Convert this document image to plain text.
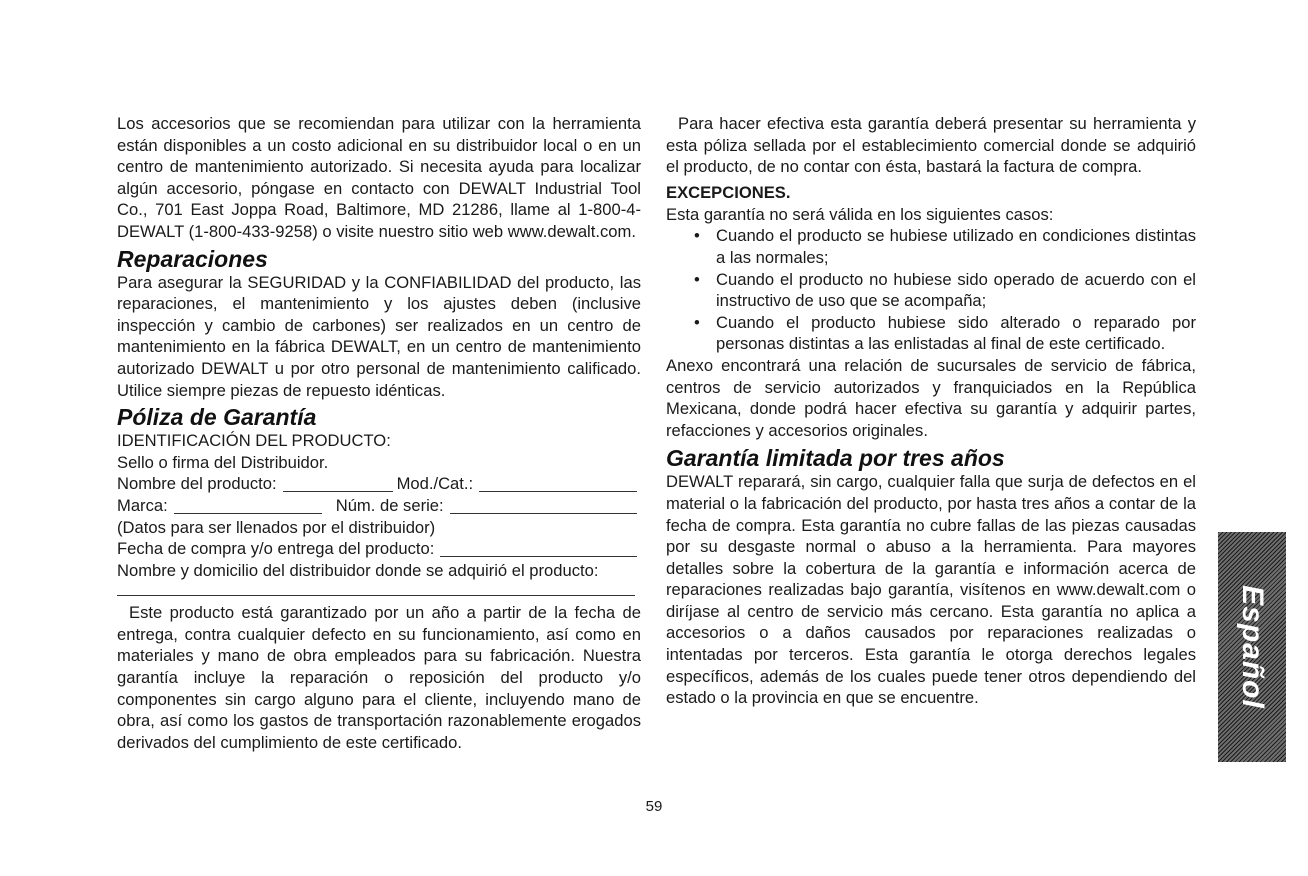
Los accesorios que se recomiendan para utilizar con la herramienta están disponibles a un costo adicional en su distribuidor local o en un centro de mantenimiento autorizado. Si necesita ayuda para localizar algún accesorio, póngase en contacto con DEWALT Industrial Tool Co., 701 East Joppa Road, Baltimore, MD 21286, llame al 1-800-4-DEWALT (1-800-433-9258) o visite nuestro sitio web www.dewalt.com.

Reparaciones

Para asegurar la SEGURIDAD y la CONFIABILIDAD del producto, las reparaciones, el mantenimiento y los ajustes deben (inclusive inspección y cambio de carbones) ser realizados en un centro de mantenimiento en la fábrica DEWALT, en un centro de mantenimiento autorizado DEWALT u por otro personal de mantenimiento calificado. Utilice siempre piezas de repuesto idénticas.

Póliza de Garantía
IDENTIFICACIÓN DEL PRODUCTO:
Sello o firma del Distribuidor.
Nombre del producto:	Mod./Cat.:
Marca:	Núm. de serie:
(Datos para ser llenados por el distribuidor)
Fecha de compra y/o entrega del producto:
Nombre y domicilio del distribuidor donde se adquirió el producto:

Este producto está garantizado por un año a partir de la fecha de entrega, contra cualquier defecto en su funcionamiento, así como en materiales y mano de obra empleados para su fabricación. Nuestra garantía incluye la reparación o reposición del producto y/o componentes sin cargo alguno para el cliente, incluyendo mano de obra, así como los gastos de transportación razonablemente erogados derivados del cumplimiento de este certificado.

Para hacer efectiva esta garantía deberá presentar su herramienta y esta póliza sellada por el establecimiento comercial donde se adquirió el producto, de no contar con ésta, bastará la factura de compra.

EXCEPCIONES.

Esta garantía no será válida en los siguientes casos:

• Cuando el producto se hubiese utilizado en condiciones distintas a las normales;
• Cuando el producto no hubiese sido operado de acuerdo con el instructivo de uso que se acompaña;
• Cuando el producto hubiese sido alterado o reparado por personas distintas a las enlistadas al final de este certificado.

Anexo encontrará una relación de sucursales de servicio de fábrica, centros de servicio autorizados y franquiciados en la República Mexicana, donde podrá hacer efectiva su garantía y adquirir partes, refacciones y accesorios originales.

Garantía limitada por tres años

DEWALT reparará, sin cargo, cualquier falla que surja de defectos en el material o la fabricación del producto, por hasta tres años a contar de la fecha de compra. Esta garantía no cubre fallas de las piezas causadas por su desgaste normal o abuso a la herramienta. Para mayores detalles sobre la cobertura de la garantía e información acerca de reparaciones realizadas bajo garantía, visítenos en www.dewalt.com o diríjase al centro de servicio más cercano. Esta garantía no aplica a accesorios o a daños causados por reparaciones realizadas o intentadas por terceros. Esta garantía le otorga derechos legales específicos, además de los cuales puede tener otros dependiendo del estado o la provincia en que se encuentre.	Español
59
